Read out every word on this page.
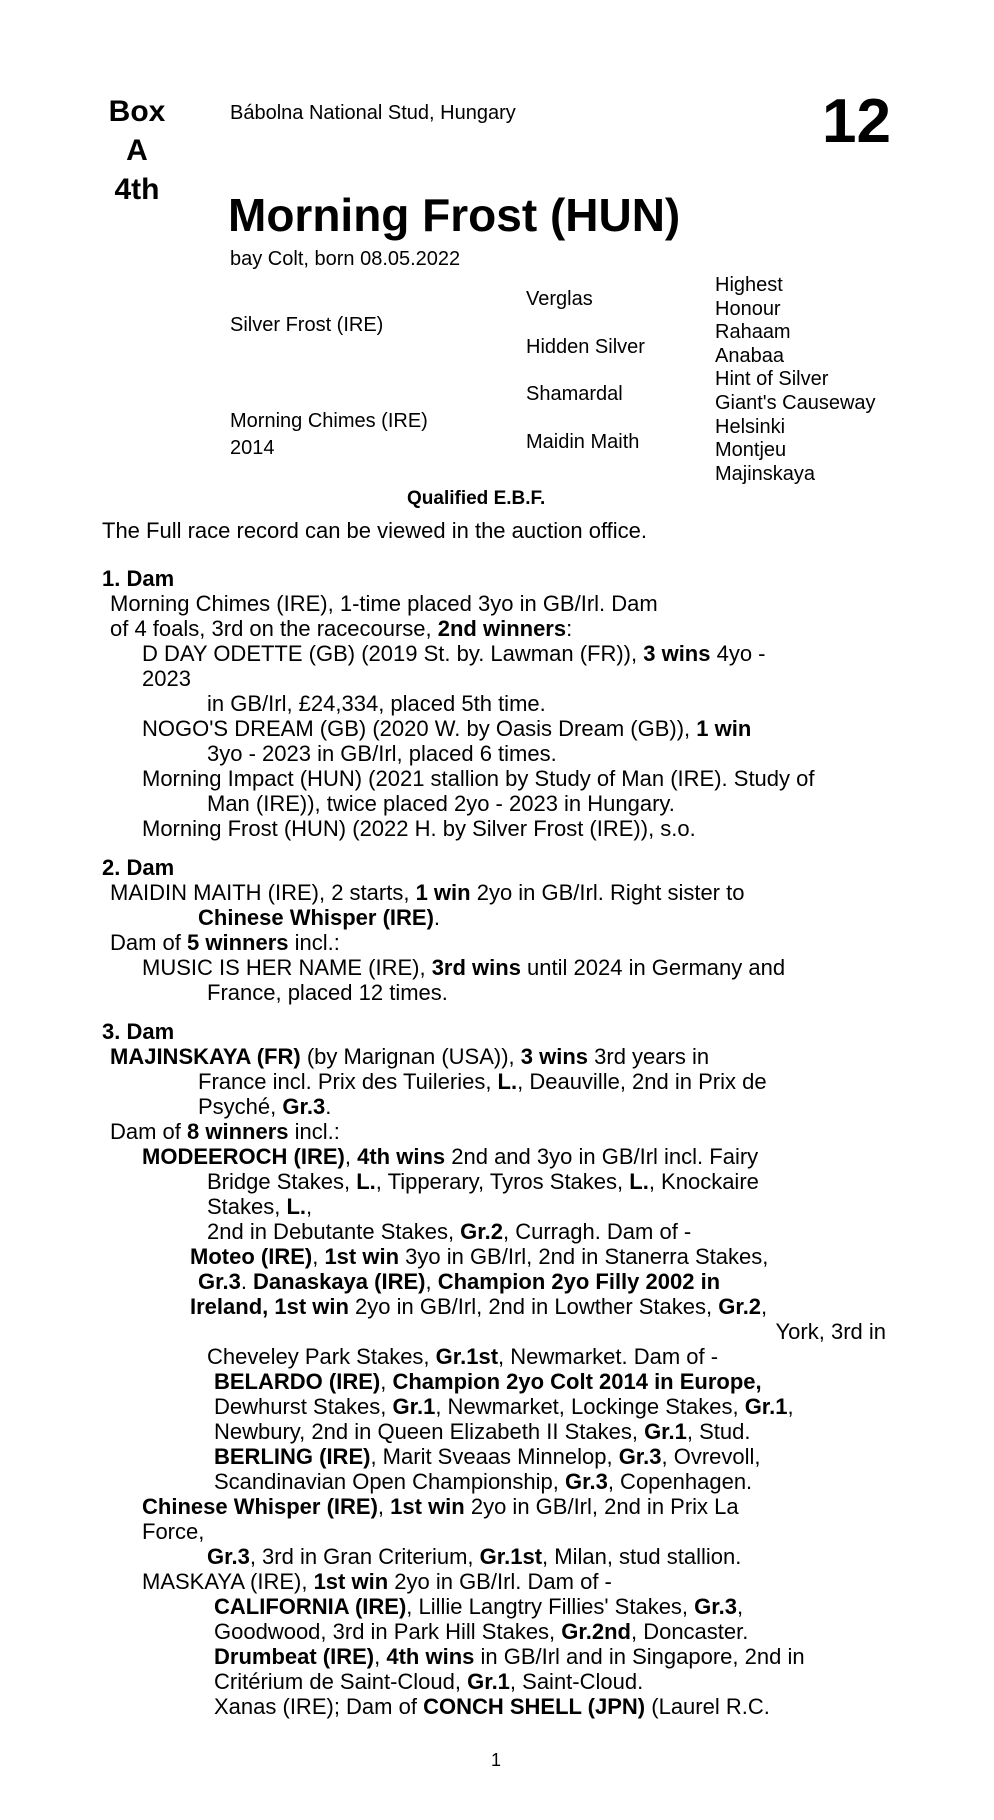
Box
A
4th
Bábolna National Stud, Hungary	12
Morning Frost (HUN)
bay Colt, born 08.05.2022
Silver Frost (IRE)
Morning Chimes (IRE)
2014
Verglas
Hidden Silver
Shamardal
Maidin Maith
Highest
Honour
Rahaam
Anabaa
Hint of Silver
Giant's Causeway
Helsinki
Montjeu
Majinskaya
Qualified E.B.F.
The Full race record can be viewed in the auction office.
1. Dam

Morning Chimes (IRE), 1-time placed 3yo in GB/Irl. Dam

of 4 foals, 3rd on the racecourse, 2nd winners:

D DAY ODETTE (GB) (2019 St. by. Lawman (FR)), 3 wins 4yo -

2023

in GB/Irl, £24,334, placed 5th time.

NOGO'S DREAM (GB) (2020 W. by Oasis Dream (GB)), 1 win

3yo - 2023 in GB/Irl, placed 6 times.

Morning Impact (HUN) (2021 stallion by Study of Man (IRE). Study of

Man (IRE)), twice placed 2yo - 2023 in Hungary.

Morning Frost (HUN) (2022 H. by Silver Frost (IRE)), s.o.

2. Dam

MAIDIN MAITH (IRE), 2 starts, 1 win 2yo in GB/Irl. Right sister to

Chinese Whisper (IRE).

Dam of 5 winners incl.:

MUSIC IS HER NAME (IRE), 3rd wins until 2024 in Germany and

France, placed 12 times.

3. Dam

MAJINSKAYA (FR) (by Marignan (USA)), 3 wins 3rd years in

France incl. Prix des Tuileries, L., Deauville, 2nd in Prix de

Psyché, Gr.3.

Dam of 8 winners incl.:

MODEEROCH (IRE), 4th wins 2nd and 3yo in GB/Irl incl. Fairy

Bridge Stakes, L., Tipperary, Tyros Stakes, L., Knockaire

Stakes, L.,

2nd in Debutante Stakes, Gr.2, Curragh. Dam of -

Moteo (IRE), 1st win 3yo in GB/Irl, 2nd in Stanerra Stakes,

Gr.3. Danaskaya (IRE), Champion 2yo Filly 2002 in

Ireland, 1st win 2yo in GB/Irl, 2nd in Lowther Stakes, Gr.2,

York, 3rd in

Cheveley Park Stakes, Gr.1st, Newmarket. Dam of -

BELARDO (IRE), Champion 2yo Colt 2014 in Europe,

Dewhurst Stakes, Gr.1, Newmarket, Lockinge Stakes, Gr.1,

Newbury, 2nd in Queen Elizabeth II Stakes, Gr.1, Stud.

BERLING (IRE), Marit Sveaas Minnelop, Gr.3, Ovrevoll,

Scandinavian Open Championship, Gr.3, Copenhagen.

Chinese Whisper (IRE), 1st win 2yo in GB/Irl, 2nd in Prix La

Force,

Gr.3, 3rd in Gran Criterium, Gr.1st, Milan, stud stallion.

MASKAYA (IRE), 1st win 2yo in GB/Irl. Dam of -

CALIFORNIA (IRE), Lillie Langtry Fillies' Stakes, Gr.3,

Goodwood, 3rd in Park Hill Stakes, Gr.2nd, Doncaster.

Drumbeat (IRE), 4th wins in GB/Irl and in Singapore, 2nd in

Critérium de Saint-Cloud, Gr.1, Saint-Cloud.

Xanas (IRE); Dam of CONCH SHELL (JPN) (Laurel R.C.

1
